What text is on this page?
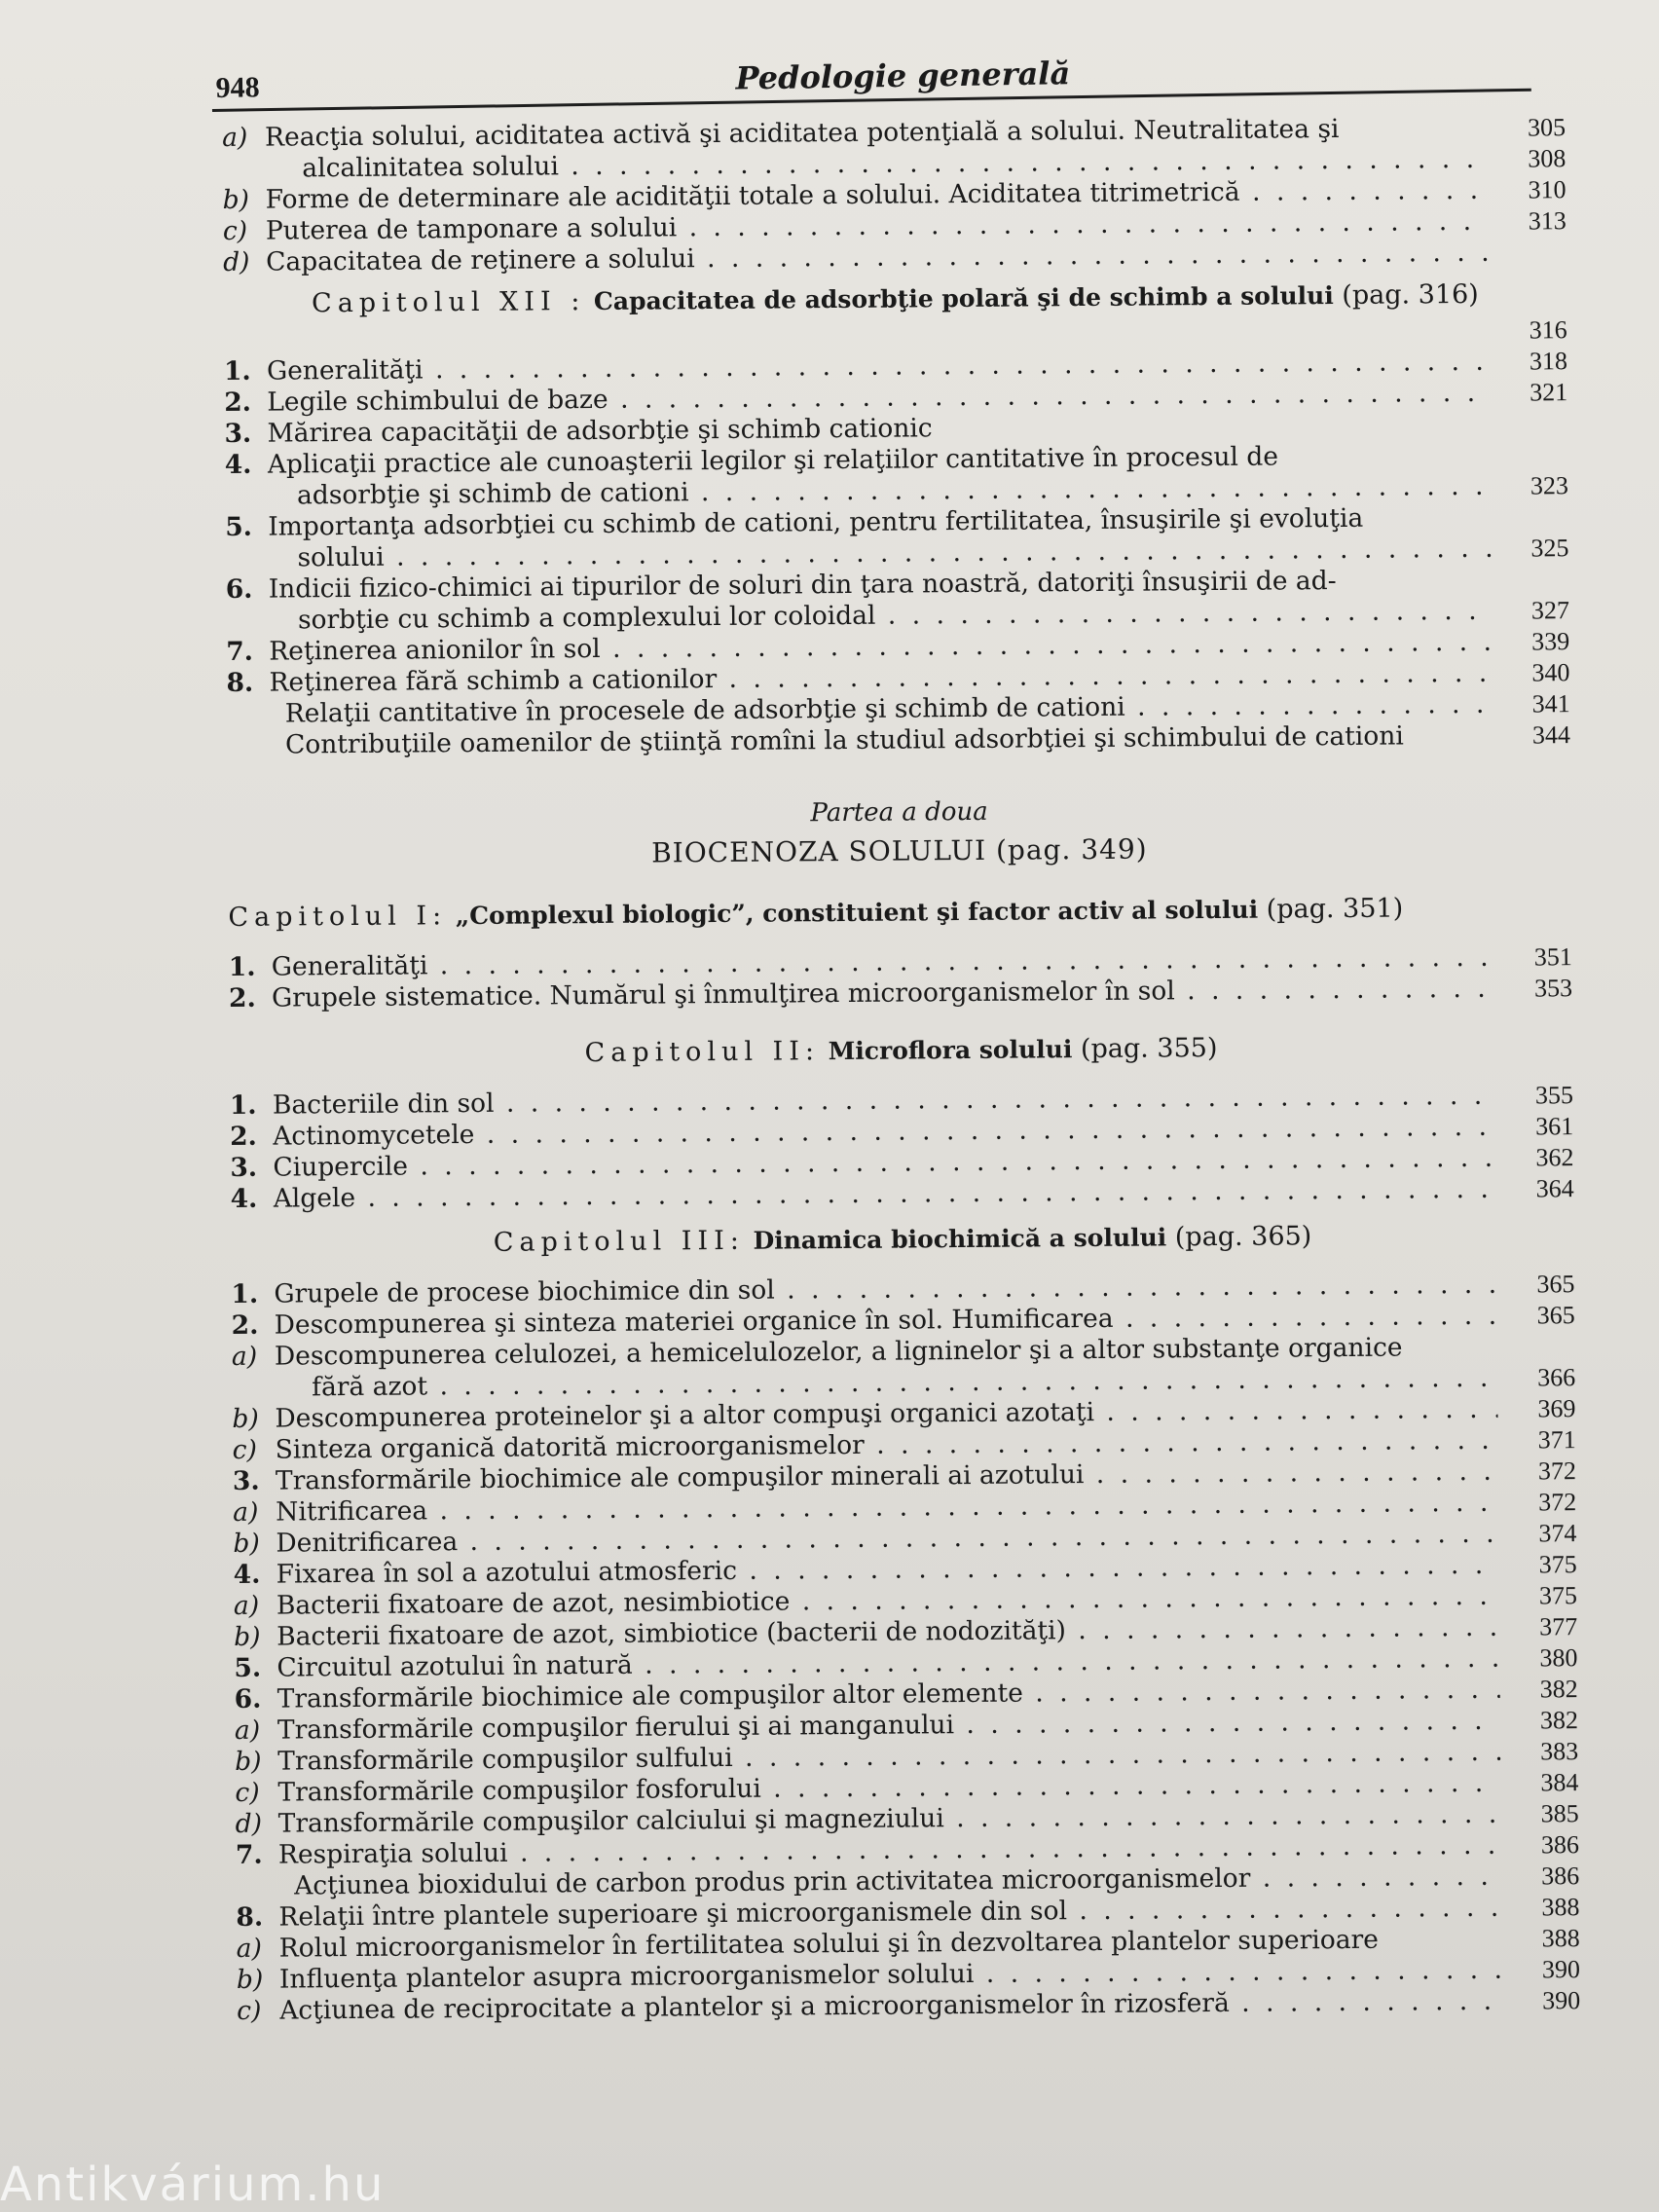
948	Pedologie generală
a) Reacţia solului, aciditatea activă şi aciditatea potenţială a solului. Neutralitatea şi	305
alcalinitatea solului . . .	308
b) Forme de determinare ale acidităţii totale a solului. Aciditatea titrimetrică . . .	310
c) Puterea de tamponare a solului . . .	313
d) Capacitatea de reţinere a solului . . .
Capitolul XII : Capacitatea de adsorbţie polară şi de schimb a solului (pag. 316)
316
1. Generalităţi . . .	318
2. Legile schimbului de baze . . .	321
3. Mărirea capacităţii de adsorbţie şi schimb cationic
4. Aplicaţii practice ale cunoaşterii legilor şi relaţiilor cantitative în procesul de
adsorbţie şi schimb de cationi . . .	323
5. Importanţa adsorbţiei cu schimb de cationi, pentru fertilitatea, însuşirile şi evoluţia
solului . . .	325
6. Indicii fizico-chimici ai tipurilor de soluri din ţara noastră, datoriţi însuşirii de ad-
sorbţie cu schimb a complexului lor coloidal . . .	327
7. Reţinerea anionilor în sol . . .	339
8. Reţinerea fără schimb a cationilor . . .	340
Relaţii cantitative în procesele de adsorbţie şi schimb de cationi . . .	341
Contribuţiile oamenilor de ştiinţă romîni la studiul adsorbţiei şi schimbului de cationi	344
Partea a doua
BIOCENOZA SOLULUI (pag. 349)
Capitolul I: „Complexul biologic”, constituient şi factor activ al solului (pag. 351)
1. Generalităţi . . .	351
2. Grupele sistematice. Numărul şi înmulţirea microorganismelor în sol . . .	353
Capitolul II: Microflora solului (pag. 355)
1. Bacteriile din sol . . .	355
2. Actinomycetele . . .	361
3. Ciupercile . . .	362
4. Algele . . .	364
Capitolul III: Dinamica biochimică a solului (pag. 365)
1. Grupele de procese biochimice din sol . . .	365
2. Descompunerea şi sinteza materiei organice în sol. Humificarea . . .	365
a) Descompunerea celulozei, a hemicelulozelor, a ligninelor şi a altor substanţe organice
fără azot . . .	366
b) Descompunerea proteinelor şi a altor compuşi organici azotaţi . . .	369
c) Sinteza organică datorită microorganismelor . . .	371
3. Transformările biochimice ale compuşilor minerali ai azotului . . .	372
a) Nitrificarea . . .	372
b) Denitrificarea . . .	374
4. Fixarea în sol a azotului atmosferic . . .	375
a) Bacterii fixatoare de azot, nesimbiotice . . .	375
b) Bacterii fixatoare de azot, simbiotice (bacterii de nodozităţi) . . .	377
5. Circuitul azotului în natură . . .	380
6. Transformările biochimice ale compuşilor altor elemente . . .	382
a) Transformările compuşilor fierului şi ai manganului . . .	382
b) Transformările compuşilor sulfului . . .	383
c) Transformările compuşilor fosforului . . .	384
d) Transformările compuşilor calciului şi magneziului . . .	385
7. Respiraţia solului . . .	386
Acţiunea bioxidului de carbon produs prin activitatea microorganismelor . . .	386
8. Relaţii între plantele superioare şi microorganismele din sol . . .	388
a) Rolul microorganismelor în fertilitatea solului şi în dezvoltarea plantelor superioare	388
b) Influenţa plantelor asupra microorganismelor solului . . .	390
c) Acţiunea de reciprocitate a plantelor şi a microorganismelor în rizosferă . . .	390
Antikvárium.hu
